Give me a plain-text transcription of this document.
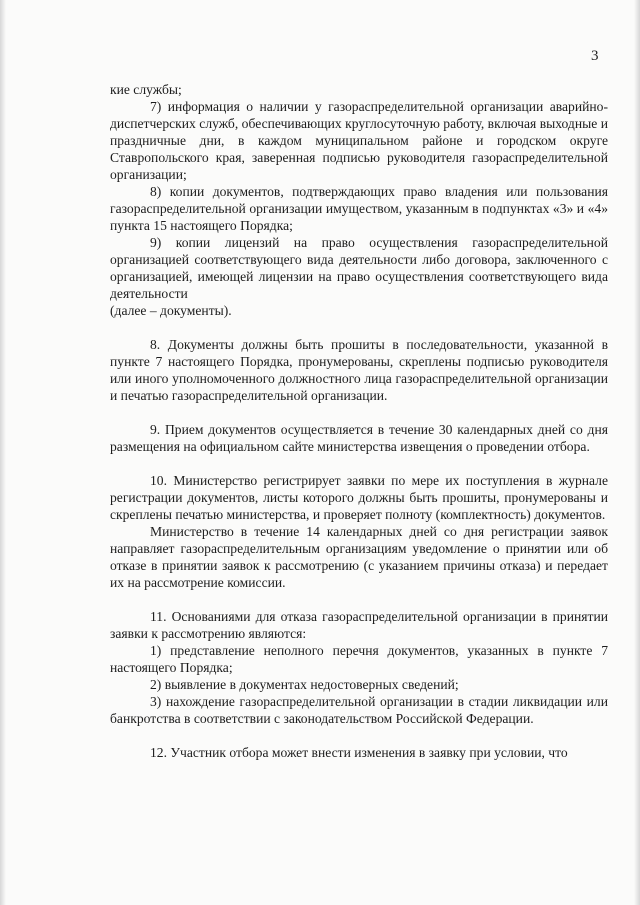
3

кие службы;

7) информация о наличии у газораспределительной организации аварийно-диспетчерских служб, обеспечивающих круглосуточную работу, включая выходные и праздничные дни, в каждом муниципальном районе и городском округе Ставропольского края, заверенная подписью руководителя газораспределительной организации;

8) копии документов, подтверждающих право владения или пользования газораспределительной организации имуществом, указанным в подпунктах «3» и «4» пункта 15 настоящего Порядка;

9) копии лицензий на право осуществления газораспределительной организацией соответствующего вида деятельности либо договора, заключенного с организацией, имеющей лицензии на право осуществления соответствующего вида деятельности

(далее – документы).

8. Документы должны быть прошиты в последовательности, указанной в пункте 7 настоящего Порядка, пронумерованы, скреплены подписью руководителя или иного уполномоченного должностного лица газораспределительной организации и печатью газораспределительной организации.

9. Прием документов осуществляется в течение 30 календарных дней со дня размещения на официальном сайте министерства извещения о проведении отбора.

10. Министерство регистрирует заявки по мере их поступления в журнале регистрации документов, листы которого должны быть прошиты, пронумерованы и скреплены печатью министерства, и проверяет полноту (комплектность) документов.

Министерство в течение 14 календарных дней со дня регистрации заявок направляет газораспределительным организациям уведомление о принятии или об отказе в принятии заявок к рассмотрению (с указанием причины отказа) и передает их на рассмотрение комиссии.

11. Основаниями для отказа газораспределительной организации в принятии заявки к рассмотрению являются:

1) представление неполного перечня документов, указанных в пункте 7 настоящего Порядка;

2) выявление в документах недостоверных сведений;

3) нахождение газораспределительной организации в стадии ликвидации или банкротства в соответствии с законодательством Российской Федерации.

12. Участник отбора может внести изменения в заявку при условии, что
